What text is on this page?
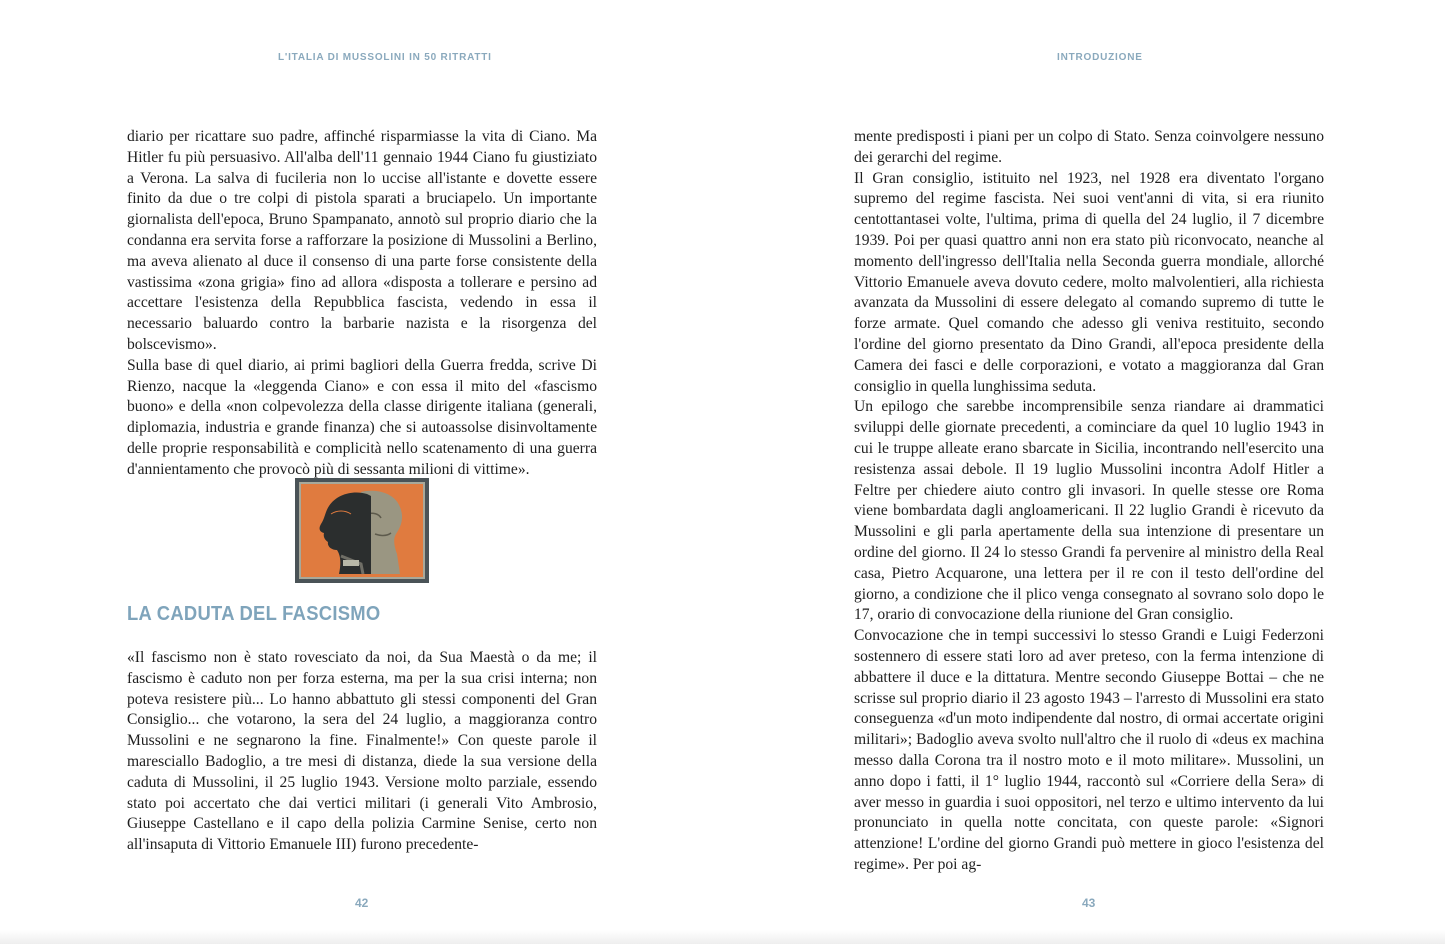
L'ITALIA DI MUSSOLINI IN 50 RITRATTI

diario per ricattare suo padre, affinché risparmiasse la vita di Ciano. Ma Hitler fu più persuasivo. All'alba dell'11 gennaio 1944 Ciano fu giustiziato a Verona. La salva di fucileria non lo uccise all'istante e dovette essere finito da due o tre colpi di pistola sparati a bruciapelo. Un importante giornalista dell'epoca, Bruno Spampanato, annotò sul proprio diario che la condanna era servita forse a rafforzare la posizione di Mussolini a Berlino, ma aveva alienato al duce il consenso di una parte forse consistente della vastissima «zona grigia» fino ad allora «disposta a tollerare e persino ad accettare l'esistenza della Repubblica fascista, vedendo in essa il necessario baluardo contro la barbarie nazista e la risorgenza del bolscevismo».

Sulla base di quel diario, ai primi bagliori della Guerra fredda, scrive Di Rienzo, nacque la «leggenda Ciano» e con essa il mito del «fascismo buono» e della «non colpevolezza della classe dirigente italiana (generali, diplomazia, industria e grande finanza) che si autoassolse disinvoltamente delle proprie responsabilità e complicità nello scatenamento di una guerra d'annientamento che provocò più di sessanta milioni di vittime».

LA CADUTA DEL FASCISMO

«Il fascismo non è stato rovesciato da noi, da Sua Maestà o da me; il fascismo è caduto non per forza esterna, ma per la sua crisi interna; non poteva resistere più... Lo hanno abbattuto gli stessi componenti del Gran Consiglio... che votarono, la sera del 24 luglio, a maggioranza contro Mussolini e ne segnarono la fine. Finalmente!» Con queste parole il maresciallo Badoglio, a tre mesi di distanza, diede la sua versione della caduta di Mussolini, il 25 luglio 1943. Versione molto parziale, essendo stato poi accertato che dai vertici militari (i generali Vito Ambrosio, Giuseppe Castellano e il capo della polizia Carmine Senise, certo non all'insaputa di Vittorio Emanuele III) furono precedente-

42
INTRODUZIONE

mente predisposti i piani per un colpo di Stato. Senza coinvolgere nessuno dei gerarchi del regime.

Il Gran consiglio, istituito nel 1923, nel 1928 era diventato l'organo supremo del regime fascista. Nei suoi vent'anni di vita, si era riunito centottantasei volte, l'ultima, prima di quella del 24 luglio, il 7 dicembre 1939. Poi per quasi quattro anni non era stato più riconvocato, neanche al momento dell'ingresso dell'Italia nella Seconda guerra mondiale, allorché Vittorio Emanuele aveva dovuto cedere, molto malvolentieri, alla richiesta avanzata da Mussolini di essere delegato al comando supremo di tutte le forze armate. Quel comando che adesso gli veniva restituito, secondo l'ordine del giorno presentato da Dino Grandi, all'epoca presidente della Camera dei fasci e delle corporazioni, e votato a maggioranza dal Gran consiglio in quella lunghissima seduta.

Un epilogo che sarebbe incomprensibile senza riandare ai drammatici sviluppi delle giornate precedenti, a cominciare da quel 10 luglio 1943 in cui le truppe alleate erano sbarcate in Sicilia, incontrando nell'esercito una resistenza assai debole. Il 19 luglio Mussolini incontra Adolf Hitler a Feltre per chiedere aiuto contro gli invasori. In quelle stesse ore Roma viene bombardata dagli angloamericani. Il 22 luglio Grandi è ricevuto da Mussolini e gli parla apertamente della sua intenzione di presentare un ordine del giorno. Il 24 lo stesso Grandi fa pervenire al ministro della Real casa, Pietro Acquarone, una lettera per il re con il testo dell'ordine del giorno, a condizione che il plico venga consegnato al sovrano solo dopo le 17, orario di convocazione della riunione del Gran consiglio.

Convocazione che in tempi successivi lo stesso Grandi e Luigi Federzoni sostennero di essere stati loro ad aver preteso, con la ferma intenzione di abbattere il duce e la dittatura. Mentre secondo Giuseppe Bottai – che ne scrisse sul proprio diario il 23 agosto 1943 – l'arresto di Mussolini era stato conseguenza «d'un moto indipendente dal nostro, di ormai accertate origini militari»; Badoglio aveva svolto null'altro che il ruolo di «deus ex machina messo dalla Corona tra il nostro moto e il moto militare». Mussolini, un anno dopo i fatti, il 1° luglio 1944, raccontò sul «Corriere della Sera» di aver messo in guardia i suoi oppositori, nel terzo e ultimo intervento da lui pronunciato in quella notte concitata, con queste parole: «Signori attenzione! L'ordine del giorno Grandi può mettere in gioco l'esistenza del regime». Per poi ag-

43
